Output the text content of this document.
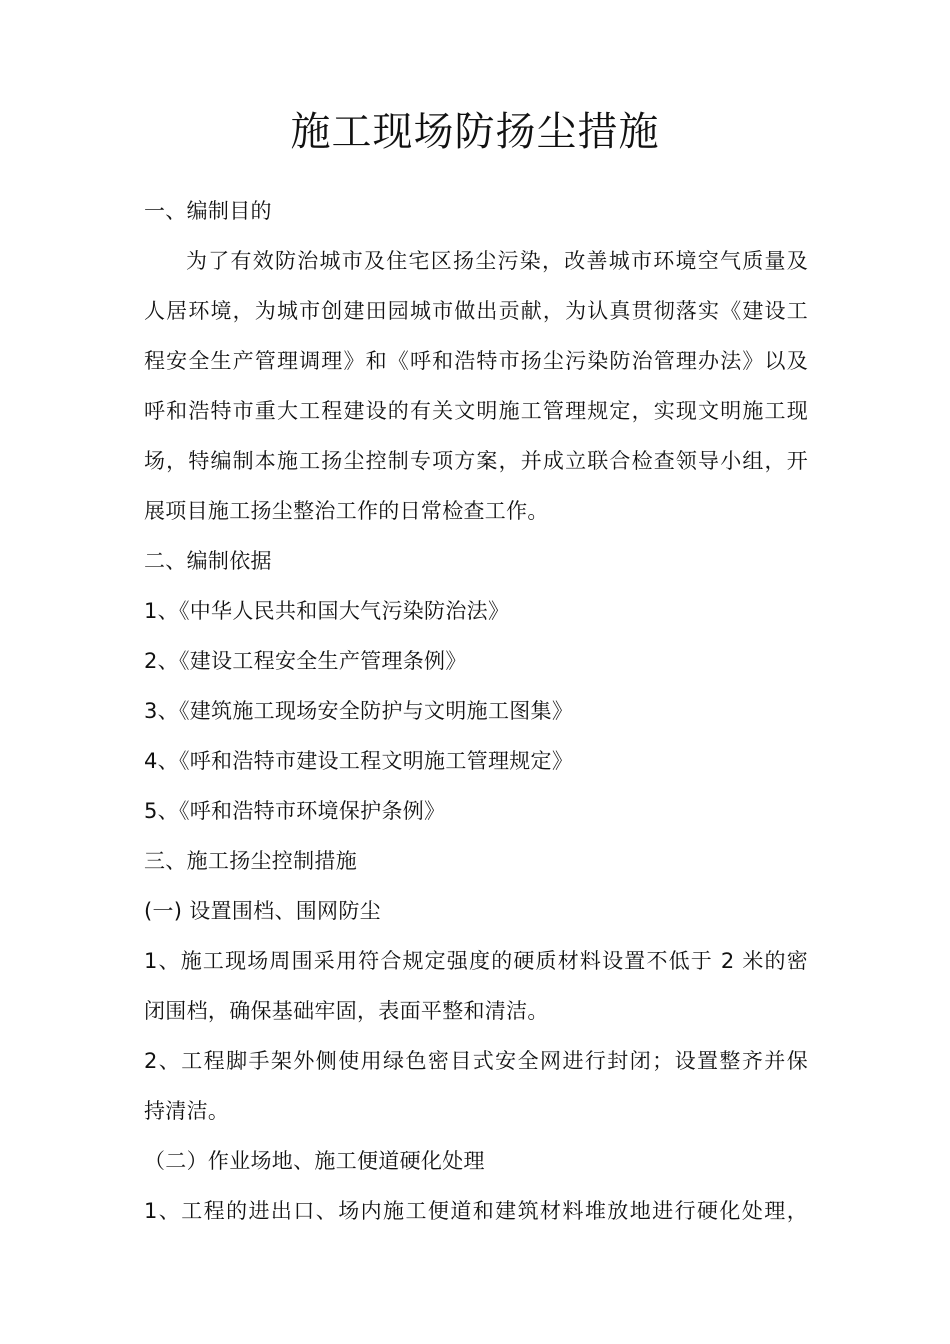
施工现场防扬尘措施

一、编制目的

为了有效防治城市及住宅区扬尘污染，改善城市环境空气质量及

人居环境，为城市创建田园城市做出贡献，为认真贯彻落实《建设工

程安全生产管理调理》和《呼和浩特市扬尘污染防治管理办法》以及

呼和浩特市重大工程建设的有关文明施工管理规定，实现文明施工现

场，特编制本施工扬尘控制专项方案，并成立联合检查领导小组，开

展项目施工扬尘整治工作的日常检查工作。

二、编制依据

1、《中华人民共和国大气污染防治法》

2、《建设工程安全生产管理条例》

3、《建筑施工现场安全防护与文明施工图集》

4、《呼和浩特市建设工程文明施工管理规定》

5、《呼和浩特市环境保护条例》

三、施工扬尘控制措施

(一) 设置围档、围网防尘

1、施工现场周围采用符合规定强度的硬质材料设置不低于 2 米的密

闭围档，确保基础牢固，表面平整和清洁。

2、工程脚手架外侧使用绿色密目式安全网进行封闭；设置整齐并保

持清洁。

（二）作业场地、施工便道硬化处理

1、工程的进出口、场内施工便道和建筑材料堆放地进行硬化处理，
